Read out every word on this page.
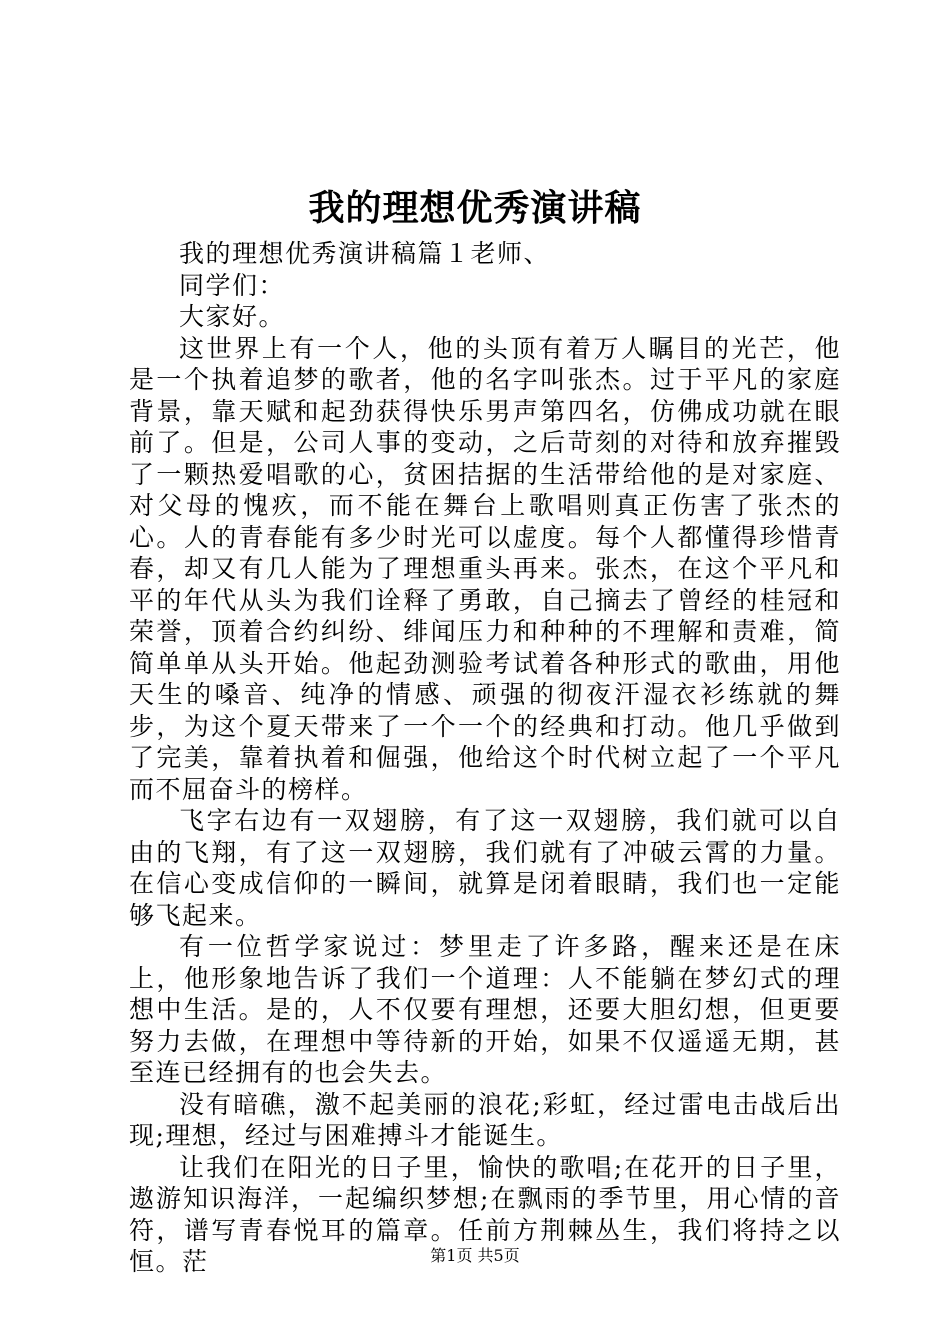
我的理想优秀演讲稿

我的理想优秀演讲稿篇１老师、

同学们：

大家好。

这世界上有一个人，他的头顶有着万人瞩目的光芒，他是一个执着追梦的歌者，他的名字叫张杰。过于平凡的家庭背景，靠天赋和起劲获得快乐男声第四名，仿佛成功就在眼前了。但是，公司人事的变动，之后苛刻的对待和放弃摧毁了一颗热爱唱歌的心，贫困拮据的生活带给他的是对家庭、对父母的愧疚，而不能在舞台上歌唱则真正伤害了张杰的心。人的青春能有多少时光可以虚度。每个人都懂得珍惜青春，却又有几人能为了理想重头再来。张杰，在这个平凡和平的年代从头为我们诠释了勇敢，自己摘去了曾经的桂冠和荣誉，顶着合约纠纷、绯闻压力和种种的不理解和责难，简简单单从头开始。他起劲测验考试着各种形式的歌曲，用他天生的嗓音、纯净的情感、顽强的彻夜汗湿衣衫练就的舞步，为这个夏天带来了一个一个的经典和打动。他几乎做到了完美，靠着执着和倔强，他给这个时代树立起了一个平凡而不屈奋斗的榜样。

飞字右边有一双翅膀，有了这一双翅膀，我们就可以自由的飞翔，有了这一双翅膀，我们就有了冲破云霄的力量。在信心变成信仰的一瞬间，就算是闭着眼睛，我们也一定能够飞起来。

有一位哲学家说过：梦里走了许多路，醒来还是在床上，他形象地告诉了我们一个道理：人不能躺在梦幻式的理想中生活。是的，人不仅要有理想，还要大胆幻想，但更要努力去做，在理想中等待新的开始，如果不仅遥遥无期，甚至连已经拥有的也会失去。

没有暗礁，激不起美丽的浪花;彩虹，经过雷电击战后出现;理想，经过与困难搏斗才能诞生。

让我们在阳光的日子里，愉快的歌唱;在花开的日子里，遨游知识海洋，一起编织梦想;在飘雨的季节里，用心情的音符，谱写青春悦耳的篇章。任前方荆棘丛生，我们将持之以恒。茫	第1页 共5页
